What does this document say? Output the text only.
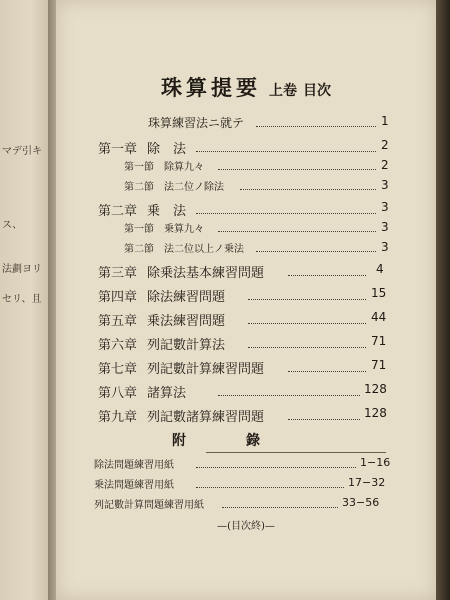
マデ引キ
ス、
法劃ヨリ
セリ、且
珠算提要 上卷 目次
珠算練習法ニ就テ	1
第一章 除　法	2
第一節 除算九々	2
第二節 法二位ノ除法	3
第二章 乗　法	3
第一節 乗算九々	3
第二節 法二位以上ノ乗法	3
第三章 除乗法基本練習問題	4
第四章 除法練習問題	15
第五章 乗法練習問題	44
第六章 列記數計算法	71
第七章 列記數計算練習問題	71
第八章 諸算法	128
第九章 列記數諸算練習問題	128
附錄
除法問題練習用紙	1−16
乗法問題練習用紙	17−32
列記數計算問題練習用紙	33−56
—(目次終)—
